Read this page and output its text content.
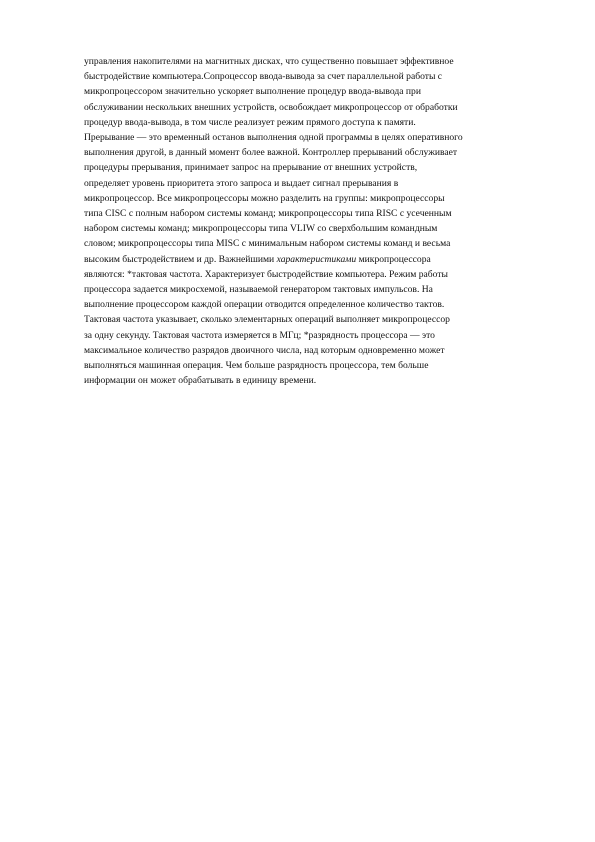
управления накопителями на магнитных дисках, что существенно повышает эффективное

быстродействие компьютера.Сопроцессор ввода-вывода за счет параллельной работы с

микропроцессором значительно ускоряет выполнение процедур ввода-вывода при

обслуживании нескольких внешних устройств, освобождает микропроцессор от обработки

процедур ввода-вывода, в том числе реализует режим прямого доступа к памяти.

Прерывание — это временный останов выполнения одной программы в целях оперативного

выполнения другой, в данный момент более важной. Контроллер прерываний обслуживает

процедуры прерывания, принимает запрос на прерывание от внешних устройств,

определяет уровень приоритета этого запроса и выдает сигнал прерывания в

микропроцессор. Все микропроцессоры можно разделить на группы: микропроцессоры

типа CISC с полным набором системы команд; микропроцессоры типа RISC с усеченным

набором системы команд; микропроцессоры типа VLIW со сверхбольшим командным

словом; микропроцессоры типа MISC с минимальным набором системы команд и весьма

высоким быстродействием и др. Важнейшими характеристиками микропроцессора

являются: *тактовая частота. Характеризует быстродействие компьютера. Режим работы

процессора задается микросхемой, называемой генератором тактовых импульсов. На

выполнение процессором каждой операции отводится определенное количество тактов.

Тактовая частота указывает, сколько элементарных операций выполняет микропроцессор

за одну секунду. Тактовая частота измеряется в МГц; *разрядность процессора — это

максимальное количество разрядов двоичного числа, над которым одновременно может

выполняться машинная операция. Чем больше разрядность процессора, тем больше

информации он может обрабатывать в единицу времени.
